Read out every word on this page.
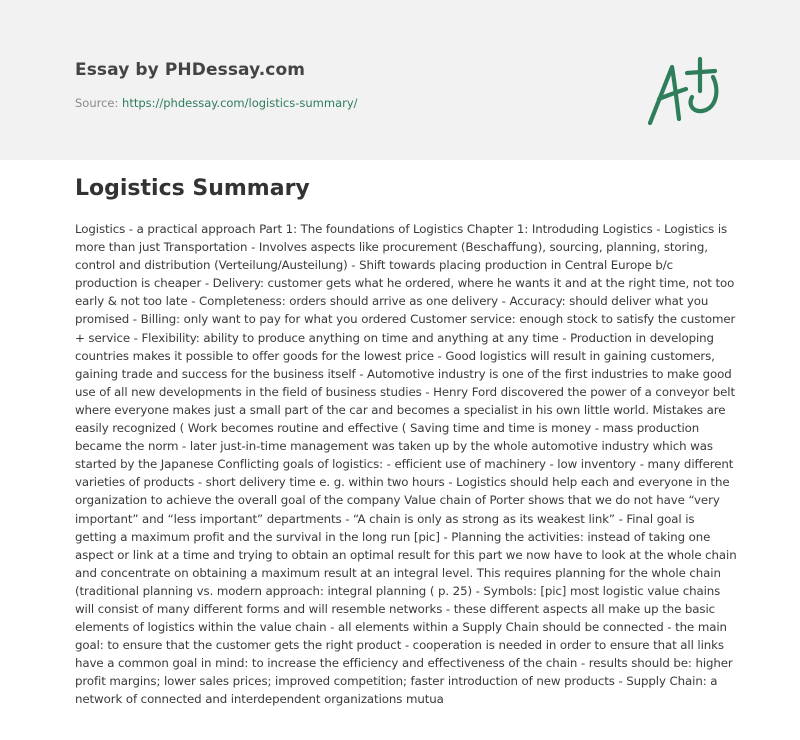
Essay by PHDessay.com
Source: https://phdessay.com/logistics-summary/
Logistics Summary
Logistics - a practical approach Part 1: The foundations of Logistics Chapter 1: Introduding Logistics - Logistics is
more than just Transportation - Involves aspects like procurement (Beschaffung), sourcing, planning, storing,
control and distribution (Verteilung/Austeilung) - Shift towards placing production in Central Europe b/c
production is cheaper - Delivery: customer gets what he ordered, where he wants it and at the right time, not too
early & not too late - Completeness: orders should arrive as one delivery - Accuracy: should deliver what you
promised - Billing: only want to pay for what you ordered Customer service: enough stock to satisfy the customer
+ service - Flexibility: ability to produce anything on time and anything at any time - Production in developing
countries makes it possible to offer goods for the lowest price - Good logistics will result in gaining customers,
gaining trade and success for the business itself - Automotive industry is one of the first industries to make good
use of all new developments in the field of business studies - Henry Ford discovered the power of a conveyor belt
where everyone makes just a small part of the car and becomes a specialist in his own little world. Mistakes are
easily recognized ( Work becomes routine and effective ( Saving time and time is money - mass production
became the norm - later just-in-time management was taken up by the whole automotive industry which was
started by the Japanese Conflicting goals of logistics: - efficient use of machinery - low inventory - many different
varieties of products - short delivery time e. g. within two hours - Logistics should help each and everyone in the
organization to achieve the overall goal of the company Value chain of Porter shows that we do not have “very
important” and “less important” departments - “A chain is only as strong as its weakest link” - Final goal is
getting a maximum profit and the survival in the long run [pic] - Planning the activities: instead of taking one
aspect or link at a time and trying to obtain an optimal result for this part we now have to look at the whole chain
and concentrate on obtaining a maximum result at an integral level. This requires planning for the whole chain
(traditional planning vs. modern approach: integral planning ( p. 25) - Symbols: [pic] most logistic value chains
will consist of many different forms and will resemble networks - these different aspects all make up the basic
elements of logistics within the value chain - all elements within a Supply Chain should be connected - the main
goal: to ensure that the customer gets the right product - cooperation is needed in order to ensure that all links
have a common goal in mind: to increase the efficiency and effectiveness of the chain - results should be: higher
profit margins; lower sales prices; improved competition; faster introduction of new products - Supply Chain: a
network of connected and interdependent organizations mutua
